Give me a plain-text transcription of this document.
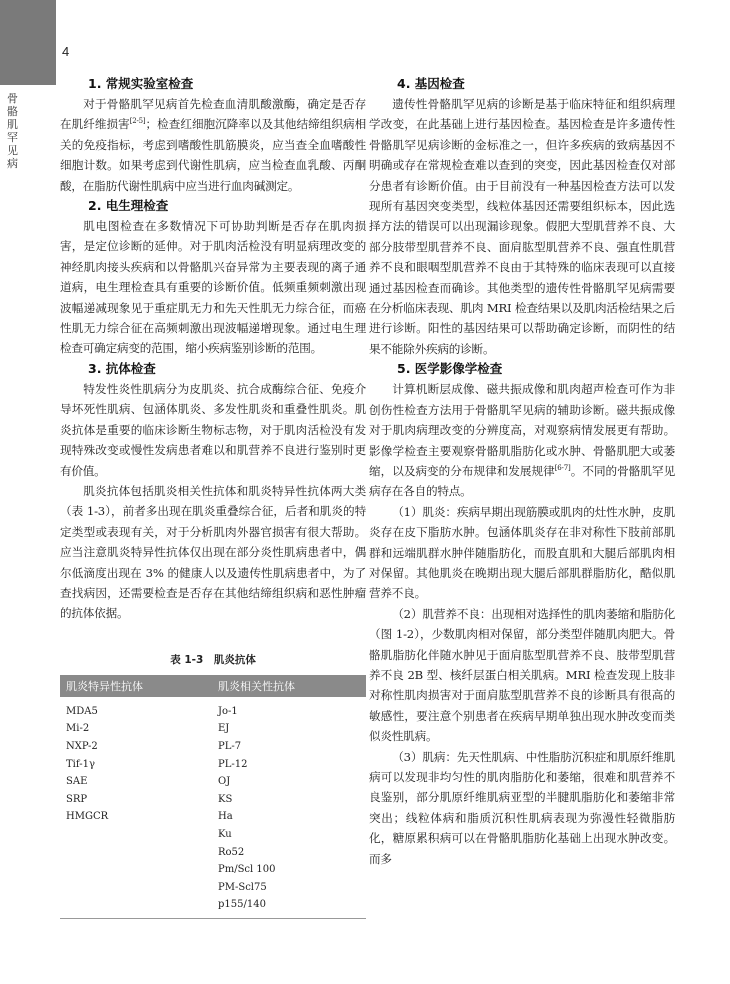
4
骨骼肌罕见病
1. 常规实验室检查

对于骨骼肌罕见病首先检查血清肌酸激酶，确定是否存在肌纤维损害[2-5]；检查红细胞沉降率以及其他结缔组织病相关的免疫指标，考虑到嗜酸性肌筋膜炎，应当查全血嗜酸性细胞计数。如果考虑到代谢性肌病，应当检查血乳酸、丙酮酸，在脂肪代谢性肌病中应当进行血肉碱测定。

2. 电生理检查

肌电图检查在多数情况下可协助判断是否存在肌肉损害，是定位诊断的延伸。对于肌肉活检没有明显病理改变的神经肌肉接头疾病和以骨骼肌兴奋异常为主要表现的离子通道病，电生理检查具有重要的诊断价值。低频重频刺激出现波幅递减现象见于重症肌无力和先天性肌无力综合征，而癌性肌无力综合征在高频刺激出现波幅递增现象。通过电生理检查可确定病变的范围，缩小疾病鉴别诊断的范围。

3. 抗体检查

特发性炎性肌病分为皮肌炎、抗合成酶综合征、免疫介导坏死性肌病、包涵体肌炎、多发性肌炎和重叠性肌炎。肌炎抗体是重要的临床诊断生物标志物，对于肌肉活检没有发现特殊改变或慢性发病患者难以和肌营养不良进行鉴别时更有价值。

肌炎抗体包括肌炎相关性抗体和肌炎特异性抗体两大类（表 1-3），前者多出现在肌炎重叠综合征，后者和肌炎的特定类型或表现有关，对于分析肌肉外器官损害有很大帮助。应当注意肌炎特异性抗体仅出现在部分炎性肌病患者中，偶尔低滴度出现在 3% 的健康人以及遗传性肌病患者中，为了查找病因，还需要检查是否存在其他结缔组织病和恶性肿瘤的抗体依据。

表 1-3　肌炎抗体
肌炎特异性抗体	肌炎相关性抗体
MDA5
Mi-2
NXP-2
Tif-1γ
SAE
SRP
HMGCR
Jo-1
EJ
PL-7
PL-12
OJ
KS
Ha
Ku
Ro52
Pm/Scl 100
PM-Scl75
p155/140
4. 基因检查

遗传性骨骼肌罕见病的诊断是基于临床特征和组织病理学改变，在此基础上进行基因检查。基因检查是许多遗传性骨骼肌罕见病诊断的金标准之一，但许多疾病的致病基因不明确或存在常规检查难以查到的突变，因此基因检查仅对部分患者有诊断价值。由于目前没有一种基因检查方法可以发现所有基因突变类型，线粒体基因还需要组织标本，因此选择方法的错误可以出现漏诊现象。假肥大型肌营养不良、大部分肢带型肌营养不良、面肩肱型肌营养不良、强直性肌营养不良和眼咽型肌营养不良由于其特殊的临床表现可以直接通过基因检查而确诊。其他类型的遗传性骨骼肌罕见病需要在分析临床表现、肌肉 MRI 检查结果以及肌肉活检结果之后进行诊断。阳性的基因结果可以帮助确定诊断，而阴性的结果不能除外疾病的诊断。

5. 医学影像学检查

计算机断层成像、磁共振成像和肌肉超声检查可作为非创伤性检查方法用于骨骼肌罕见病的辅助诊断。磁共振成像对于肌肉病理改变的分辨度高，对观察病情发展更有帮助。影像学检查主要观察骨骼肌脂肪化或水肿、骨骼肌肥大或萎缩，以及病变的分布规律和发展规律[6-7]。不同的骨骼肌罕见病存在各自的特点。

（1）肌炎：疾病早期出现筋膜或肌肉的灶性水肿，皮肌炎存在皮下脂肪水肿。包涵体肌炎存在非对称性下肢前部肌群和远端肌群水肿伴随脂肪化，而股直肌和大腿后部肌肉相对保留。其他肌炎在晚期出现大腿后部肌群脂肪化，酷似肌营养不良。

（2）肌营养不良：出现相对选择性的肌肉萎缩和脂肪化（图 1-2），少数肌肉相对保留，部分类型伴随肌肉肥大。骨骼肌脂肪化伴随水肿见于面肩肱型肌营养不良、肢带型肌营养不良 2B 型、核纤层蛋白相关肌病。MRI 检查发现上肢非对称性肌肉损害对于面肩肱型肌营养不良的诊断具有很高的敏感性，要注意个别患者在疾病早期单独出现水肿改变而类似炎性肌病。

（3）肌病：先天性肌病、中性脂肪沉积症和肌原纤维肌病可以发现非均匀性的肌肉脂肪化和萎缩，很难和肌营养不良鉴别，部分肌原纤维肌病亚型的半腱肌脂肪化和萎缩非常突出；线粒体病和脂质沉积性肌病表现为弥漫性轻微脂肪化，糖原累积病可以在骨骼肌脂肪化基础上出现水肿改变。而多
